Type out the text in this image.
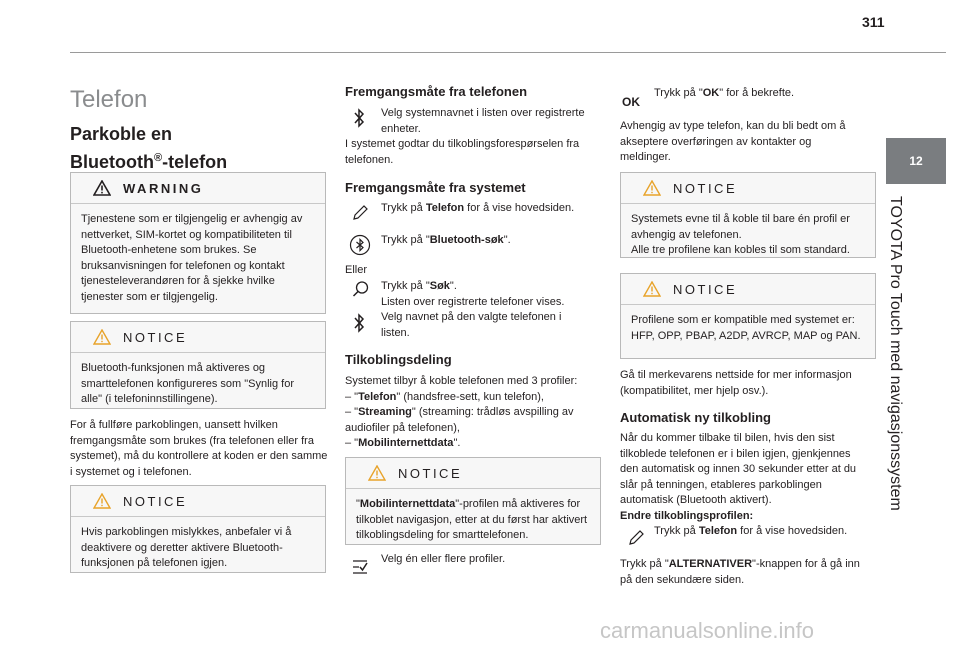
311
12
TOYOTA Pro Touch med navigasjonssystem
Telefon
Parkoble en
Bluetooth®-telefon
WARNING
Tjenestene som er tilgjengelig er avhengig av nettverket, SIM-kortet og kompatibiliteten til Bluetooth-enhetene som brukes. Se bruksanvisningen for telefonen og kontakt tjenesteleverandøren for å sjekke hvilke tjenester som er tilgjengelig.
NOTICE
Bluetooth-funksjonen må aktiveres og smarttelefonen konfigureres som "Synlig for alle" (i telefoninnstillingene).
For å fullføre parkoblingen, uansett hvilken fremgangsmåte som brukes (fra telefonen eller fra systemet), må du kontrollere at koden er den samme i systemet og i telefonen.
NOTICE
Hvis parkoblingen mislykkes, anbefaler vi å deaktivere og deretter aktivere Bluetooth-funksjonen på telefonen igjen.
Fremgangsmåte fra telefonen
Velg systemnavnet i listen over registrerte enheter.
I systemet godtar du tilkoblingsforespørselen fra telefonen.
Fremgangsmåte fra systemet
Trykk på Telefon for å vise hovedsiden.
Trykk på "Bluetooth-søk".
Eller
Trykk på "Søk".
Listen over registrerte telefoner vises.
Velg navnet på den valgte telefonen i listen.
Tilkoblingsdeling
Systemet tilbyr å koble telefonen med 3 profiler:
– "Telefon" (handsfree-sett, kun telefon),
– "Streaming" (streaming: trådløs avspilling av audiofiler på telefonen),
– "Mobilinternettdata".
NOTICE
"Mobilinternettdata"-profilen må aktiveres for tilkoblet navigasjon, etter at du først har aktivert tilkoblingsdeling for smarttelefonen.
Velg én eller flere profiler.
OK
Trykk på "OK" for å bekrefte.
Avhengig av type telefon, kan du bli bedt om å akseptere overføringen av kontakter og meldinger.
NOTICE
Systemets evne til å koble til bare én profil er avhengig av telefonen.
Alle tre profilene kan kobles til som standard.
NOTICE
Profilene som er kompatible med systemet er: HFP, OPP, PBAP, A2DP, AVRCP, MAP og PAN.
Gå til merkevarens nettside for mer informasjon (kompatibilitet, mer hjelp osv.).
Automatisk ny tilkobling
Når du kommer tilbake til bilen, hvis den sist tilkoblede telefonen er i bilen igjen, gjenkjennes den automatisk og innen 30 sekunder etter at du slår på tenningen, etableres parkoblingen automatisk (Bluetooth aktivert).
Endre tilkoblingsprofilen:
Trykk på Telefon for å vise hovedsiden.
Trykk på "ALTERNATIVER"-knappen for å gå inn på den sekundære siden.
carmanualsonline.info
